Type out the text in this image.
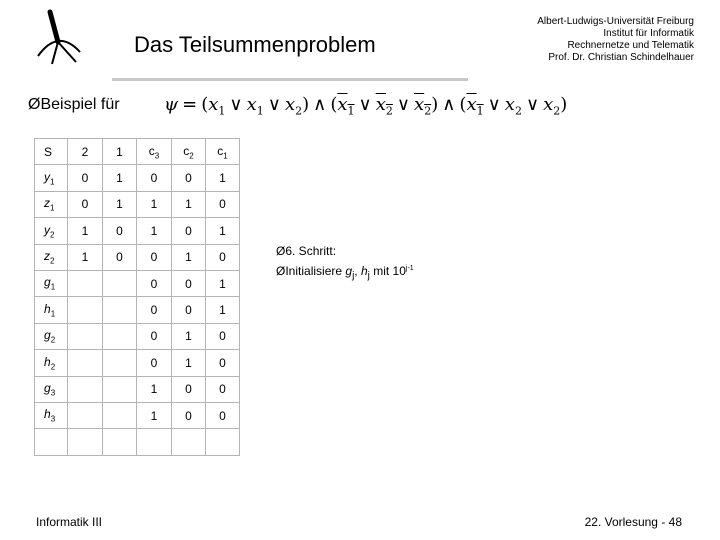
Das Teilsummenproblem
Albert-Ludwigs-Universität Freiburg
Institut für Informatik
Rechnernetze und Telematik
Prof. Dr. Christian Schindelhauer
ØBeispiel für $\psi = (x_1$ ∨ $x_1$ ∨ $x_2$) ∧ ($x_1$ ∨ $x_2$ ∨ $x_2$) ∧ ($x_1$ ∨ $x_2$ ∨ $x_2$)
S	2	1	$c_3$	$c_2$	$c_1$
$y_1$	0	1	0	0	1
$z_1$	0	1	1	1	0
$y_2$	1	0	1	0	1
$z_2$	1	0	0	1	0
$g_1$			0	0	1
$h_1$			0	0	1
$g_2$			0	1	0
$h_2$			0	1	0
$g_3$			1	0	0
$h_3$			1	0	0

Ø6. Schritt:
ØInitialisiere $g_j$, $h_j$ mit 10$^{j-1}$
Informatik III	22. Vorlesung - 48
